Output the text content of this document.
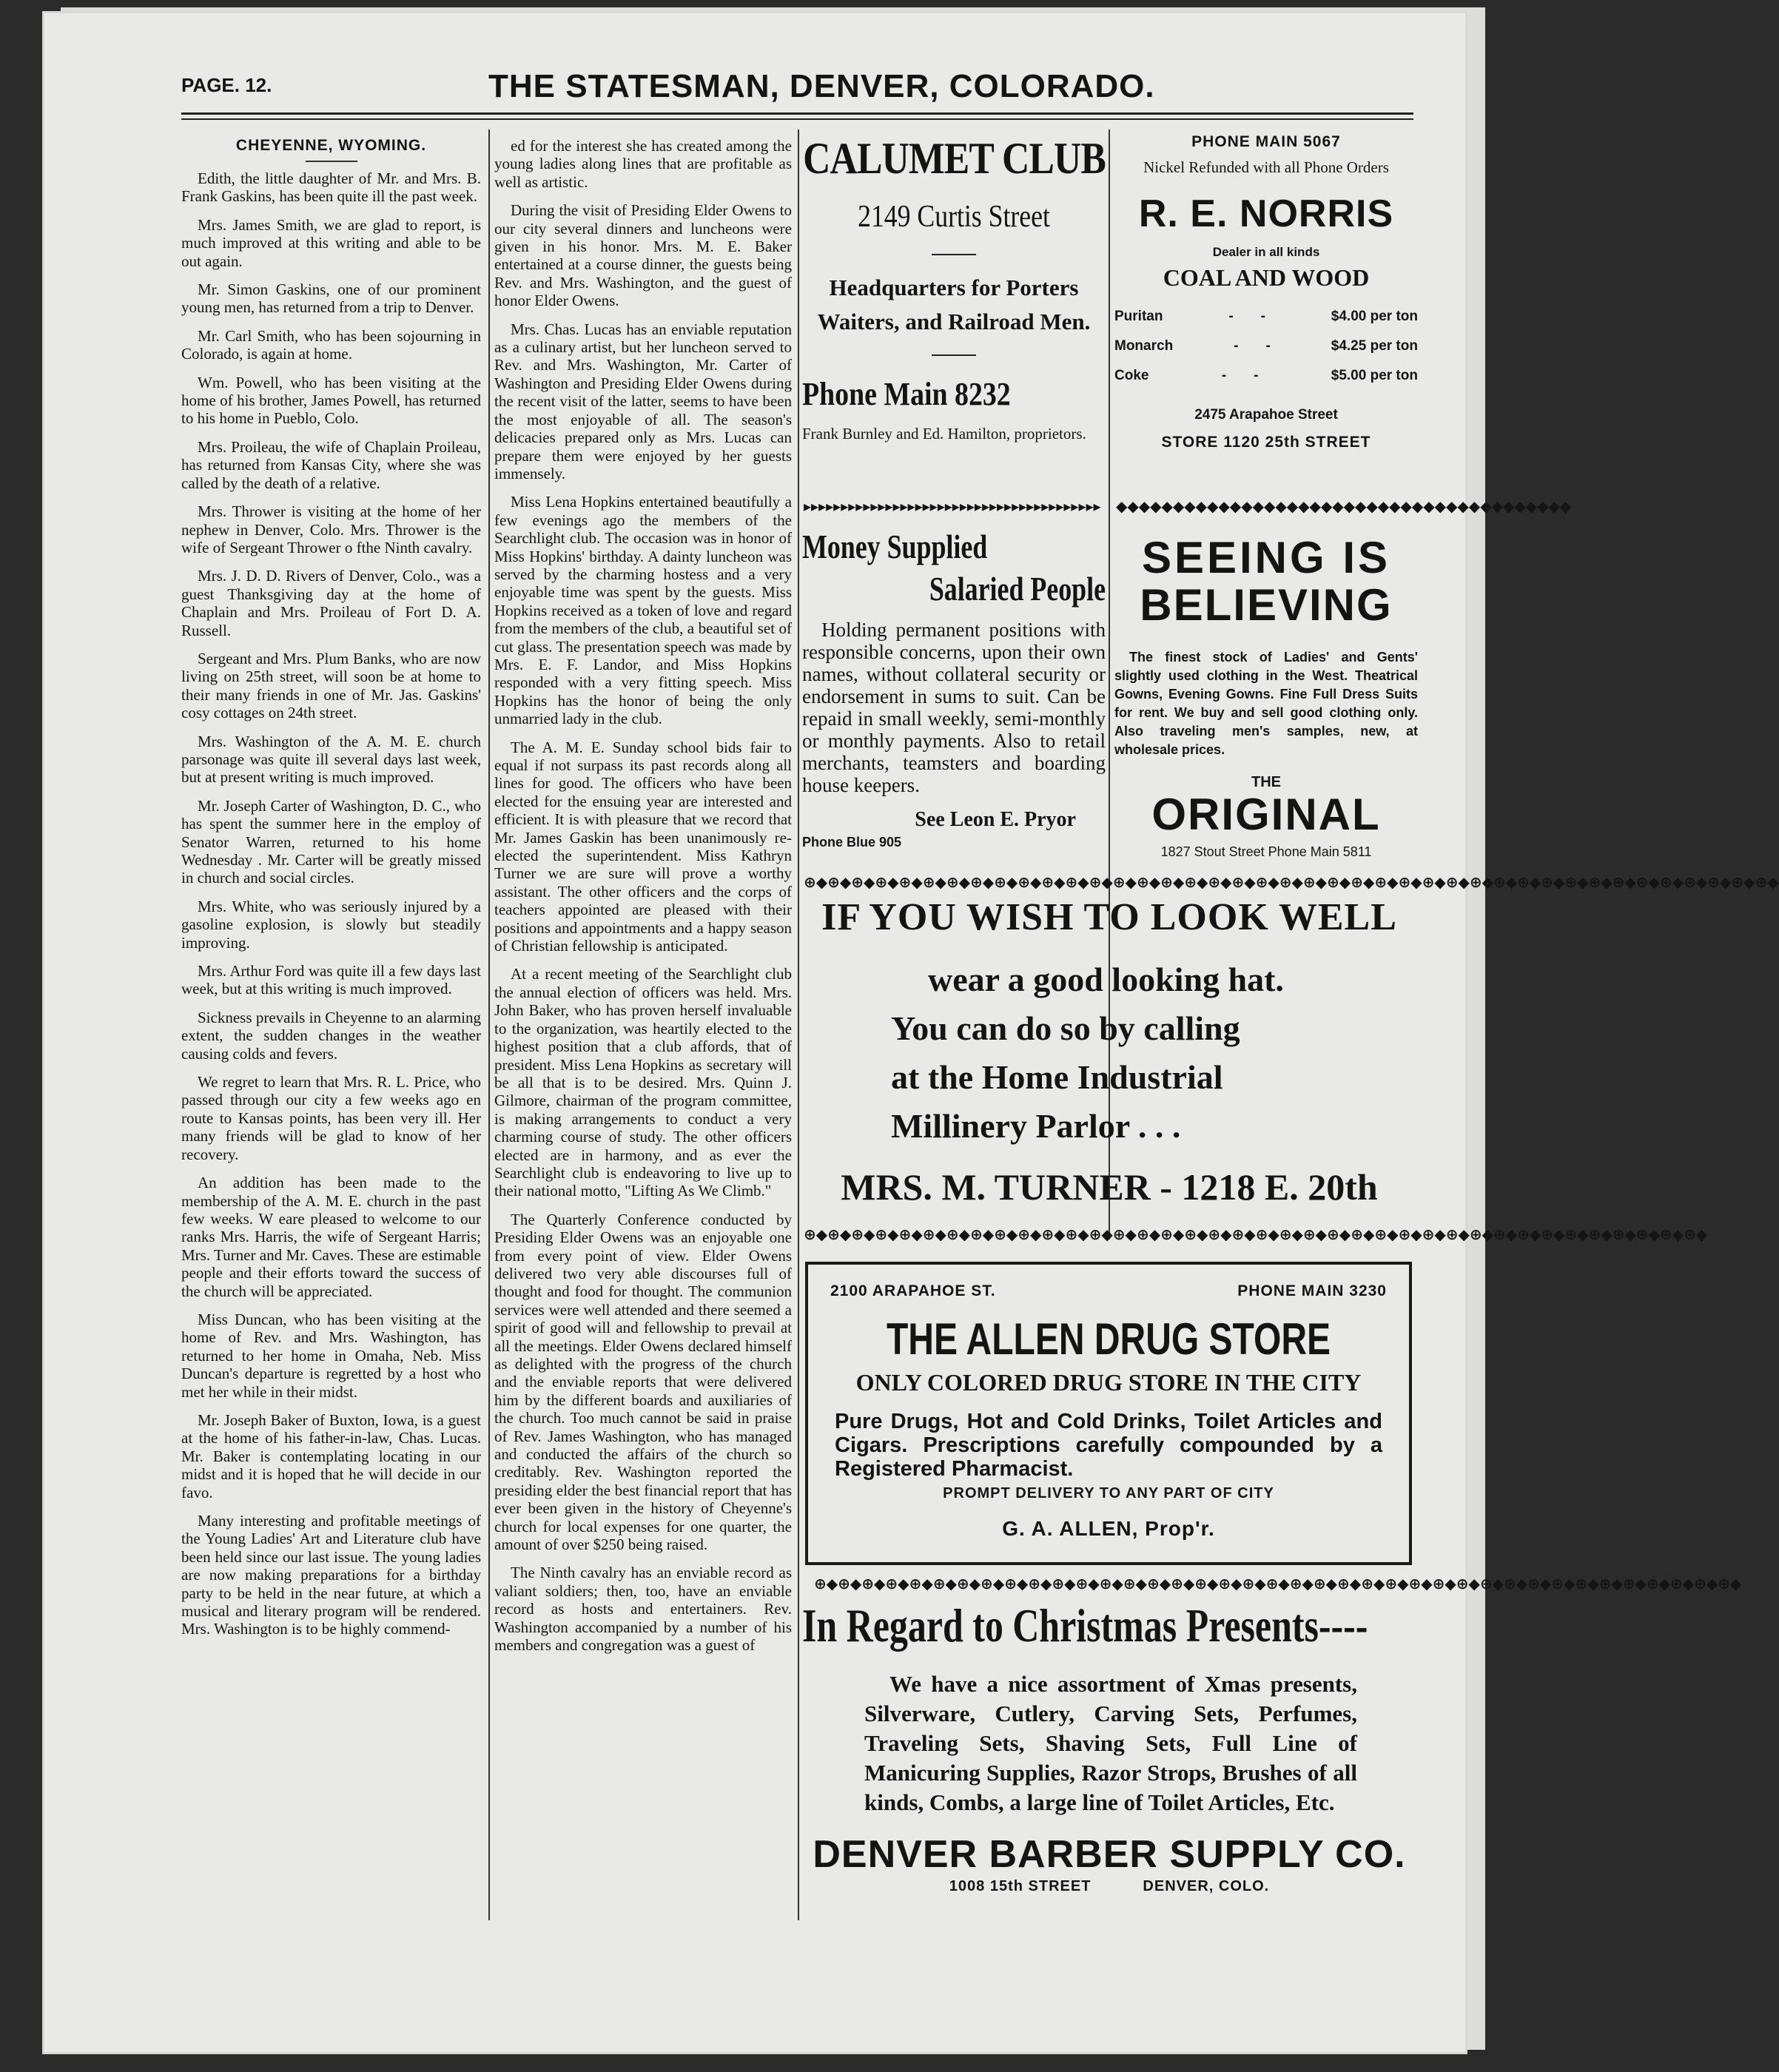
PAGE. 12.	THE STATESMAN, DENVER, COLORADO.
CHEYENNE, WYOMING.

Edith, the little daughter of Mr. and Mrs. B. Frank Gaskins, has been quite ill the past week.

Mrs. James Smith, we are glad to report, is much improved at this writing and able to be out again.

Mr. Simon Gaskins, one of our prominent young men, has returned from a trip to Denver.

Mr. Carl Smith, who has been sojourning in Colorado, is again at home.

Wm. Powell, who has been visiting at the home of his brother, James Powell, has returned to his home in Pueblo, Colo.

Mrs. Proileau, the wife of Chaplain Proileau, has returned from Kansas City, where she was called by the death of a relative.

Mrs. Thrower is visiting at the home of her nephew in Denver, Colo. Mrs. Thrower is the wife of Sergeant Thrower o fthe Ninth cavalry.

Mrs. J. D. D. Rivers of Denver, Colo., was a guest Thanksgiving day at the home of Chaplain and Mrs. Proileau of Fort D. A. Russell.

Sergeant and Mrs. Plum Banks, who are now living on 25th street, will soon be at home to their many friends in one of Mr. Jas. Gaskins' cosy cottages on 24th street.

Mrs. Washington of the A. M. E. church parsonage was quite ill several days last week, but at present writing is much improved.

Mr. Joseph Carter of Washington, D. C., who has spent the summer here in the employ of Senator Warren, returned to his home Wednesday . Mr. Carter will be greatly missed in church and social circles.

Mrs. White, who was seriously injured by a gasoline explosion, is slowly but steadily improving.

Mrs. Arthur Ford was quite ill a few days last week, but at this writing is much improved.

Sickness prevails in Cheyenne to an alarming extent, the sudden changes in the weather causing colds and fevers.

We regret to learn that Mrs. R. L. Price, who passed through our city a few weeks ago en route to Kansas points, has been very ill. Her many friends will be glad to know of her recovery.

An addition has been made to the membership of the A. M. E. church in the past few weeks. W eare pleased to welcome to our ranks Mrs. Harris, the wife of Sergeant Harris; Mrs. Turner and Mr. Caves. These are estimable people and their efforts toward the success of the church will be appreciated.

Miss Duncan, who has been visiting at the home of Rev. and Mrs. Washington, has returned to her home in Omaha, Neb. Miss Duncan's departure is regretted by a host who met her while in their midst.

Mr. Joseph Baker of Buxton, Iowa, is a guest at the home of his father-in-law, Chas. Lucas. Mr. Baker is contemplating locating in our midst and it is hoped that he will decide in our favo.

Many interesting and profitable meetings of the Young Ladies' Art and Literature club have been held since our last issue. The young ladies are now making preparations for a birthday party to be held in the near future, at which a musical and literary program will be rendered. Mrs. Washington is to be highly commend-

ed for the interest she has created among the young ladies along lines that are profitable as well as artistic.

During the visit of Presiding Elder Owens to our city several dinners and luncheons were given in his honor. Mrs. M. E. Baker entertained at a course dinner, the guests being Rev. and Mrs. Washington, and the guest of honor Elder Owens.

Mrs. Chas. Lucas has an enviable reputation as a culinary artist, but her luncheon served to Rev. and Mrs. Washington, Mr. Carter of Washington and Presiding Elder Owens during the recent visit of the latter, seems to have been the most enjoyable of all. The season's delicacies prepared only as Mrs. Lucas can prepare them were enjoyed by her guests immensely.

Miss Lena Hopkins entertained beautifully a few evenings ago the members of the Searchlight club. The occasion was in honor of Miss Hopkins' birthday. A dainty luncheon was served by the charming hostess and a very enjoyable time was spent by the guests. Miss Hopkins received as a token of love and regard from the members of the club, a beautiful set of cut glass. The presentation speech was made by Mrs. E. F. Landor, and Miss Hopkins responded with a very fitting speech. Miss Hopkins has the honor of being the only unmarried lady in the club.

The A. M. E. Sunday school bids fair to equal if not surpass its past records along all lines for good. The officers who have been elected for the ensuing year are interested and efficient. It is with pleasure that we record that Mr. James Gaskin has been unanimously re-elected the superintendent. Miss Kathryn Turner we are sure will prove a worthy assistant. The other officers and the corps of teachers appointed are pleased with their positions and appointments and a happy season of Christian fellowship is anticipated.

At a recent meeting of the Searchlight club the annual election of officers was held. Mrs. John Baker, who has proven herself invaluable to the organization, was heartily elected to the highest position that a club affords, that of president. Miss Lena Hopkins as secretary will be all that is to be desired. Mrs. Quinn J. Gilmore, chairman of the program committee, is making arrangements to conduct a very charming course of study. The other officers elected are in harmony, and as ever the Searchlight club is endeavoring to live up to their national motto, "Lifting As We Climb."

The Quarterly Conference conducted by Presiding Elder Owens was an enjoyable one from every point of view. Elder Owens delivered two very able discourses full of thought and food for thought. The communion services were well attended and there seemed a spirit of good will and fellowship to prevail at all the meetings. Elder Owens declared himself as delighted with the progress of the church and the enviable reports that were delivered him by the different boards and auxiliaries of the church. Too much cannot be said in praise of Rev. James Washington, who has managed and conducted the affairs of the church so creditably. Rev. Washington reported the presiding elder the best financial report that has ever been given in the history of Cheyenne's church for local expenses for one quarter, the amount of over $250 being raised.

The Ninth cavalry has an enviable record as valiant soldiers; then, too, have an enviable record as hosts and entertainers. Rev. Washington accompanied by a number of his members and congregation was a guest of

CALUMET CLUB
2149 Curtis Street
Headquarters for Porters
Waiters, and Railroad Men.
Phone Main 8232
Frank Burnley and Ed. Hamilton, proprietors.
▸▸▸▸▸▸▸▸▸▸▸▸▸▸▸▸▸▸▸▸▸▸▸▸▸▸▸▸▸▸▸▸▸▸▸▸▸▸▸▸
PHONE MAIN 5067
Nickel Refunded with all Phone Orders
R. E. NORRIS
Dealer in all kinds
COAL AND WOOD
Puritan	-       -	$4.00 per ton
Monarch	-       -	$4.25 per ton
Coke	-       -	$5.00 per ton
2475 Arapahoe Street
STORE 1120 25th STREET
◆◆◆◆◆◆◆◆◆◆◆◆◆◆◆◆◆◆◆◆◆◆◆◆◆◆◆◆◆◆◆◆◆◆◆◆◆◆◆◆
Money Supplied
Salaried People
Holding permanent positions with responsible concerns, upon their own names, without collateral security or endorsement in sums to suit. Can be repaid in small weekly, semi-monthly or monthly payments. Also to retail merchants, teamsters and boarding house keepers.
See Leon E. Pryor
Phone Blue 905
SEEING IS
BELIEVING
The finest stock of Ladies' and Gents' slightly used clothing in the West. Theatrical Gowns, Evening Gowns. Fine Full Dress Suits for rent. We buy and sell good clothing only. Also traveling men's samples, new, at wholesale prices.
THE
ORIGINAL
1827 Stout Street Phone Main 5811
⊕◆⊕◆⊕◆⊕◆⊕◆⊕◆⊕◆⊕◆⊕◆⊕◆⊕◆⊕◆⊕◆⊕◆⊕◆⊕◆⊕◆⊕◆⊕◆⊕◆⊕◆⊕◆⊕◆⊕◆⊕◆⊕◆⊕◆⊕◆⊕◆⊕◆⊕◆⊕◆⊕◆⊕◆⊕◆⊕◆⊕◆⊕◆⊕◆⊕◆⊕◆
IF YOU WISH TO LOOK WELL
wear a good looking hat.
You can do so by calling
at the Home Industrial
Millinery Parlor . . .
MRS. M. TURNER - 1218 E. 20th
⊕◆⊕◆⊕◆⊕◆⊕◆⊕◆⊕◆⊕◆⊕◆⊕◆⊕◆⊕◆⊕◆⊕◆⊕◆⊕◆⊕◆⊕◆⊕◆⊕◆⊕◆⊕◆⊕◆⊕◆⊕◆⊕◆⊕◆⊕◆⊕◆⊕◆⊕◆⊕◆⊕◆⊕◆⊕◆⊕◆⊕◆⊕◆
2100 ARAPAHOE ST.	PHONE MAIN 3230
THE ALLEN DRUG STORE
ONLY COLORED DRUG STORE IN THE CITY
Pure Drugs, Hot and Cold Drinks, Toilet Articles and Cigars. Prescriptions carefully compounded by a Registered Pharmacist.
PROMPT DELIVERY TO ANY PART OF CITY
G. A. ALLEN, Prop'r.
⊕◆⊕◆⊕◆⊕◆⊕◆⊕◆⊕◆⊕◆⊕◆⊕◆⊕◆⊕◆⊕◆⊕◆⊕◆⊕◆⊕◆⊕◆⊕◆⊕◆⊕◆⊕◆⊕◆⊕◆⊕◆⊕◆⊕◆⊕◆⊕◆⊕◆⊕◆⊕◆⊕◆⊕◆⊕◆⊕◆⊕◆⊕◆⊕◆
In Regard to Christmas Presents----
We have a nice assortment of Xmas presents, Silverware, Cutlery, Carving Sets, Perfumes, Traveling Sets, Shaving Sets, Full Line of Manicuring Supplies, Razor Strops, Brushes of all kinds, Combs, a large line of Toilet Articles, Etc.
DENVER BARBER SUPPLY CO.
1008 15th STREET	DENVER, COLO.
